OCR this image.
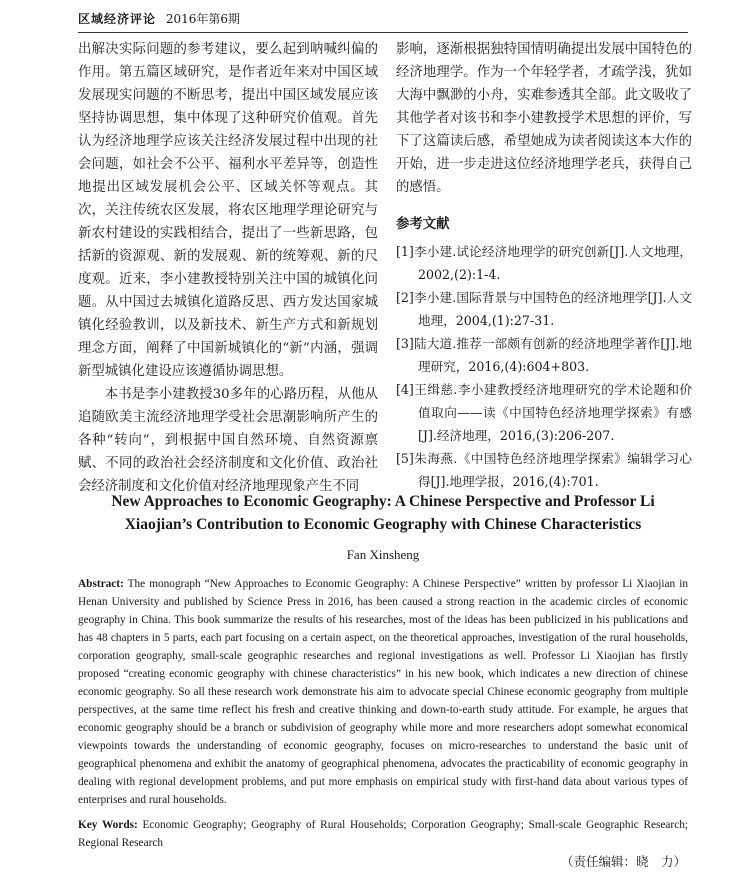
区域经济评论 2016年第6期

出解决实际问题的参考建议，要么起到呐喊纠偏的作用。第五篇区域研究，是作者近年来对中国区域发展现实问题的不断思考，提出中国区域发展应该坚持协调思想，集中体现了这种研究价值观。首先认为经济地理学应该关注经济发展过程中出现的社会问题，如社会不公平、福利水平差异等，创造性地提出区域发展机会公平、区域关怀等观点。其次，关注传统农区发展，将农区地理学理论研究与新农村建设的实践相结合，提出了一些新思路，包括新的资源观、新的发展观、新的统筹观、新的尺度观。近来，李小建教授特别关注中国的城镇化问题。从中国过去城镇化道路反思、西方发达国家城镇化经验教训，以及新技术、新生产方式和新规划理念方面，阐释了中国新城镇化的“新”内涵，强调新型城镇化建设应该遵循协调思想。

本书是李小建教授30多年的心路历程，从他从追随欧美主流经济地理学受社会思潮影响所产生的各种“转向”，到根据中国自然环境、自然资源禀赋、不同的政治社会经济制度和文化价值、政治社会经济制度和文化价值对经济地理现象产生不同

影响，逐渐根据独特国情明确提出发展中国特色的经济地理学。作为一个年轻学者，才疏学浅，犹如大海中飘渺的小舟，实难参透其全部。此文吸收了其他学者对该书和李小建教授学术思想的评价，写下了这篇读后感，希望她成为读者阅读这本大作的开始，进一步走进这位经济地理学老兵，获得自己的感悟。

参考文献
[1]李小建.试论经济地理学的研究创新[J].人文地理，2002,(2):1-4.
[2]李小建.国际背景与中国特色的经济地理学[J].人文地理，2004,(1):27-31.
[3]陆大道.推荐一部颇有创新的经济地理学著作[J].地理研究，2016,(4):604+803.
[4]王缉慈.李小建教授经济地理研究的学术论题和价值取向——读《中国特色经济地理学探索》有感[J].经济地理，2016,(3):206-207.
[5]朱海燕.《中国特色经济地理学探索》编辑学习心得[J].地理学报，2016,(4):701.
New Approaches to Economic Geography: A Chinese Perspective and Professor Li Xiaojian’s Contribution to Economic Geography with Chinese Characteristics
Fan Xinsheng
Abstract: The monograph “New Approaches to Economic Geography: A Chinese Perspective” written by professor Li Xiaojian in Henan University and published by Science Press in 2016, has been caused a strong reaction in the academic circles of economic geography in China. This book summarize the results of his researches, most of the ideas has been publicized in his publications and has 48 chapters in 5 parts, each part focusing on a certain aspect, on the theoretical approaches, investigation of the rural households, corporation geography, small-scale geographic researches and regional investigations as well. Professor Li Xiaojian has firstly proposed “creating economic geography with chinese characteristics” in his new book, which indicates a new direction of chinese economic geography. So all these research work demonstrate his aim to advocate special Chinese economic geography from multiple perspectives, at the same time reflect his fresh and creative thinking and down-to-earth study attitude. For example, he argues that economic geography should be a branch or subdivision of geography while more and more researchers adopt somewhat economical viewpoints towards the understanding of economic geography, focuses on micro-researches to understand the basic unit of geographical phenomena and exhibit the anatomy of geographical phenomena, advocates the practicability of economic geography in dealing with regional development problems, and put more emphasis on empirical study with first-hand data about various types of enterprises and rural households.
Key Words: Economic Geography; Geography of Rural Households; Corporation Geography; Small-scale Geographic Research; Regional Research
（责任编辑：晓　力）
